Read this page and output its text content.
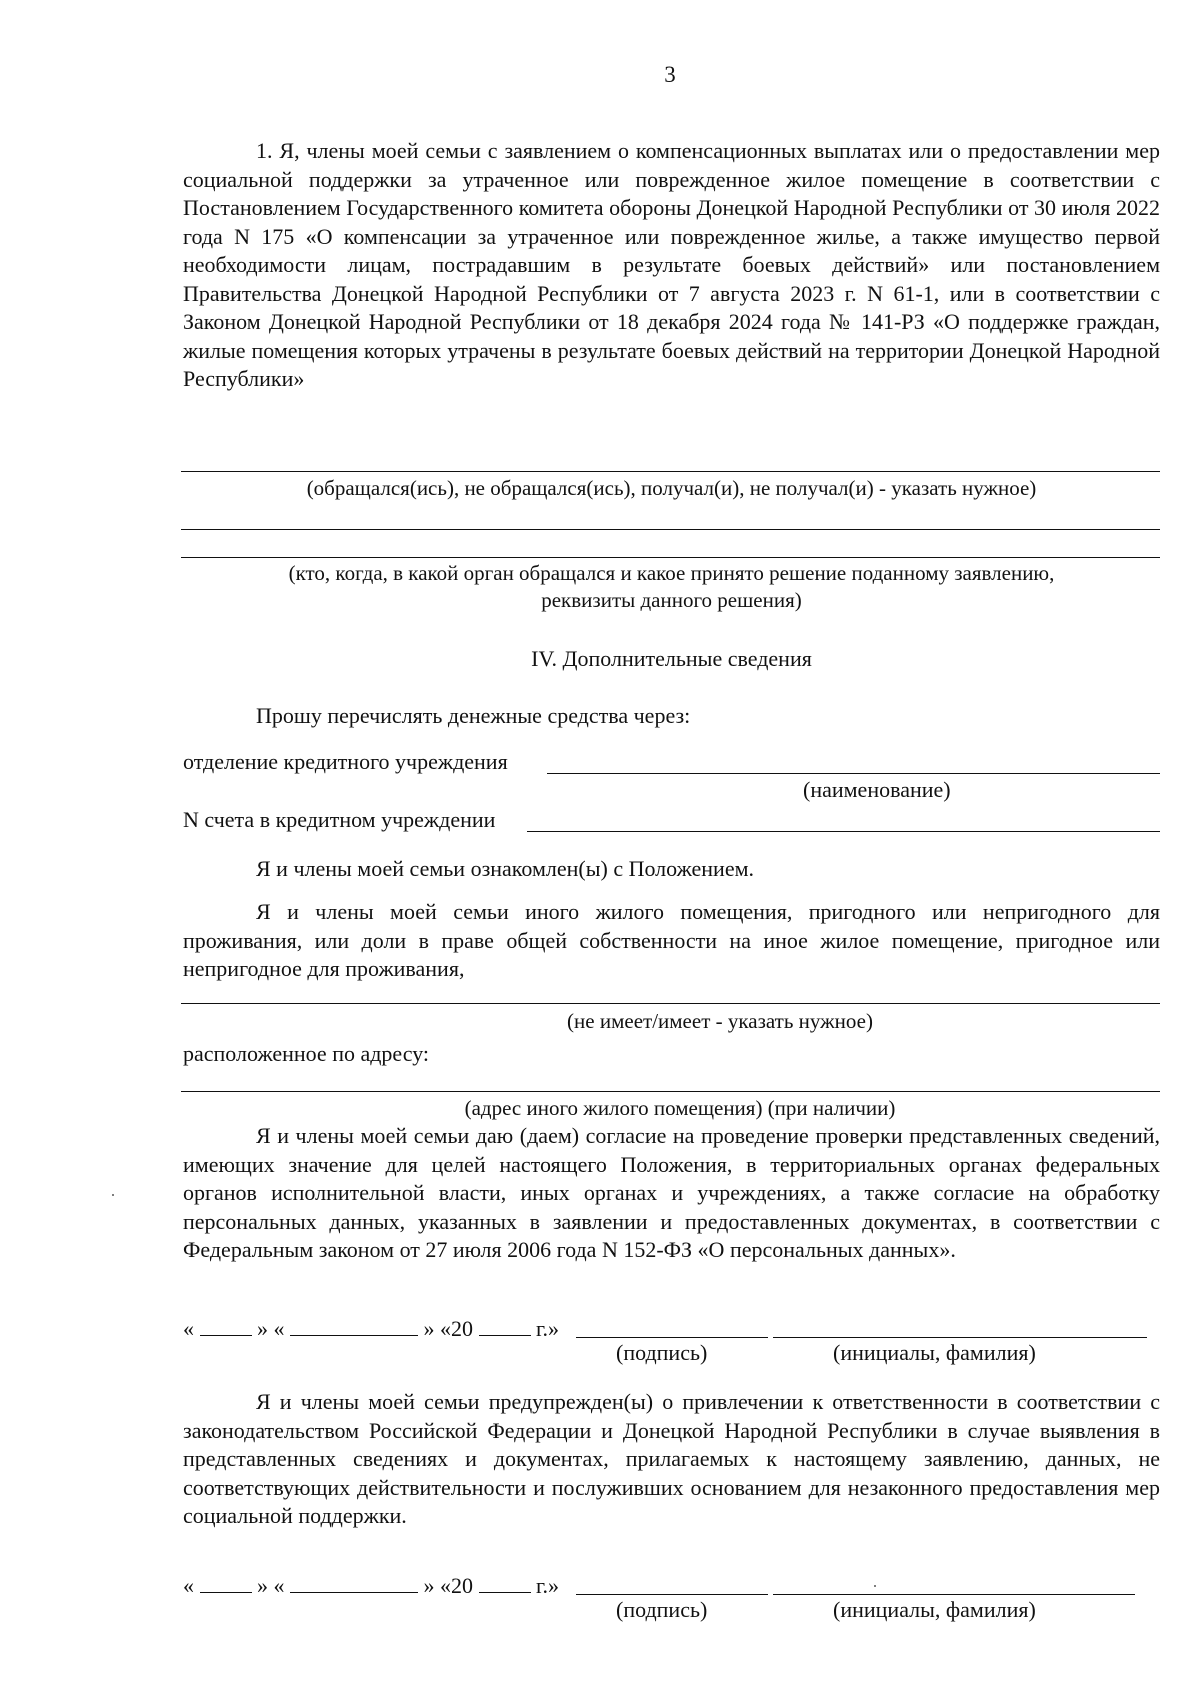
3
1. Я, члены моей семьи с заявлением о компенсационных выплатах или о предоставлении мер социальной поддержки за утраченное или поврежденное жилое помещение в соответствии с Постановлением Государственного комитета обороны Донецкой Народной Республики от 30 июля 2022 года N 175 «О компенсации за утраченное или поврежденное жилье, а также имущество первой необходимости лицам, пострадавшим в результате боевых действий» или постановлением Правительства Донецкой Народной Республики от 7 августа 2023 г. N 61-1, или в соответствии с Законом Донецкой Народной Республики от 18 декабря 2024 года № 141-РЗ «О поддержке граждан, жилые помещения которых утрачены в результате боевых действий на территории Донецкой Народной Республики»
(обращался(ись), не обращался(ись), получал(и), не получал(и) - указать нужное)
(кто, когда, в какой орган обращался и какое принято решение поданному заявлению,
реквизиты данного решения)
IV. Дополнительные сведения
Прошу перечислять денежные средства через:
отделение кредитного учреждения
(наименование)
N счета в кредитном учреждении
Я и члены моей семьи ознакомлен(ы) с Положением.
Я и члены моей семьи иного жилого помещения, пригодного или непригодного для проживания, или доли в праве общей собственности на иное жилое помещение, пригодное или непригодное для проживания,
(не имеет/имеет - указать нужное)
расположенное по адресу:
(адрес иного жилого помещения) (при наличии)
Я и члены моей семьи даю (даем) согласие на проведение проверки представленных сведений, имеющих значение для целей настоящего Положения, в территориальных органах федеральных органов исполнительной власти, иных органах и учреждениях, а также согласие на обработку персональных данных, указанных в заявлении и предоставленных документах, в соответствии с Федеральным законом от 27 июля 2006 года N 152-ФЗ «О персональных данных».
«	» «	» «20	г.»
(подпись)	(инициалы, фамилия)
Я и члены моей семьи предупрежден(ы) о привлечении к ответственности в соответствии с законодательством Российской Федерации и Донецкой Народной Республики в случае выявления в представленных сведениях и документах, прилагаемых к настоящему заявлению, данных, не соответствующих действительности и послуживших основанием для незаконного предоставления мер социальной поддержки.
«	» «	» «20	г.»
(подпись)	(инициалы, фамилия)
